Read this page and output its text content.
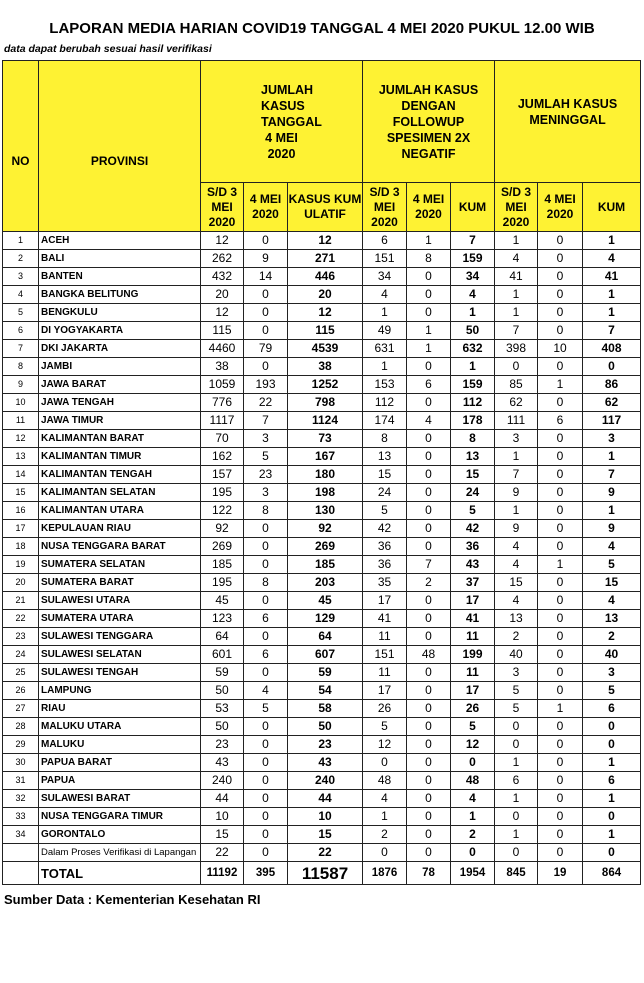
LAPORAN MEDIA HARIAN COVID19 TANGGAL 4 MEI 2020 PUKUL 12.00 WIB
data dapat berubah sesuai hasil verifikasi
NO	PROVINSI	JUMLAH KASUS TANGGAL 4 MEI 2020			JUMLAH KASUS DENGAN FOLLOWUP SPESIMEN 2X NEGATIF			JUMLAH KASUS MENINGGAL		
		S/D 3 MEI 2020	4 MEI 2020	KASUS KUMULATIF	S/D 3 MEI 2020	4 MEI 2020	KUM	S/D 3 MEI 2020	4 MEI 2020	KUM
1	ACEH	12	0	12	6	1	7	1	0	1
2	BALI	262	9	271	151	8	159	4	0	4
3	BANTEN	432	14	446	34	0	34	41	0	41
4	BANGKA BELITUNG	20	0	20	4	0	4	1	0	1
5	BENGKULU	12	0	12	1	0	1	1	0	1
6	DI YOGYAKARTA	115	0	115	49	1	50	7	0	7
7	DKI JAKARTA	4460	79	4539	631	1	632	398	10	408
8	JAMBI	38	0	38	1	0	1	0	0	0
9	JAWA BARAT	1059	193	1252	153	6	159	85	1	86
10	JAWA TENGAH	776	22	798	112	0	112	62	0	62
11	JAWA TIMUR	1117	7	1124	174	4	178	111	6	117
12	KALIMANTAN BARAT	70	3	73	8	0	8	3	0	3
13	KALIMANTAN TIMUR	162	5	167	13	0	13	1	0	1
14	KALIMANTAN TENGAH	157	23	180	15	0	15	7	0	7
15	KALIMANTAN SELATAN	195	3	198	24	0	24	9	0	9
16	KALIMANTAN UTARA	122	8	130	5	0	5	1	0	1
17	KEPULAUAN RIAU	92	0	92	42	0	42	9	0	9
18	NUSA TENGGARA BARAT	269	0	269	36	0	36	4	0	4
19	SUMATERA SELATAN	185	0	185	36	7	43	4	1	5
20	SUMATERA BARAT	195	8	203	35	2	37	15	0	15
21	SULAWESI UTARA	45	0	45	17	0	17	4	0	4
22	SUMATERA UTARA	123	6	129	41	0	41	13	0	13
23	SULAWESI TENGGARA	64	0	64	11	0	11	2	0	2
24	SULAWESI SELATAN	601	6	607	151	48	199	40	0	40
25	SULAWESI TENGAH	59	0	59	11	0	11	3	0	3
26	LAMPUNG	50	4	54	17	0	17	5	0	5
27	RIAU	53	5	58	26	0	26	5	1	6
28	MALUKU UTARA	50	0	50	5	0	5	0	0	0
29	MALUKU	23	0	23	12	0	12	0	0	0
30	PAPUA BARAT	43	0	43	0	0	0	1	0	1
31	PAPUA	240	0	240	48	0	48	6	0	6
32	SULAWESI BARAT	44	0	44	4	0	4	1	0	1
33	NUSA TENGGARA TIMUR	10	0	10	1	0	1	0	0	0
34	GORONTALO	15	0	15	2	0	2	1	0	1
	Dalam Proses Verifikasi di Lapangan	22	0	22	0	0	0	0	0	0
	TOTAL	11192	395	11587	1876	78	1954	845	19	864
Sumber Data : Kementerian Kesehatan RI
